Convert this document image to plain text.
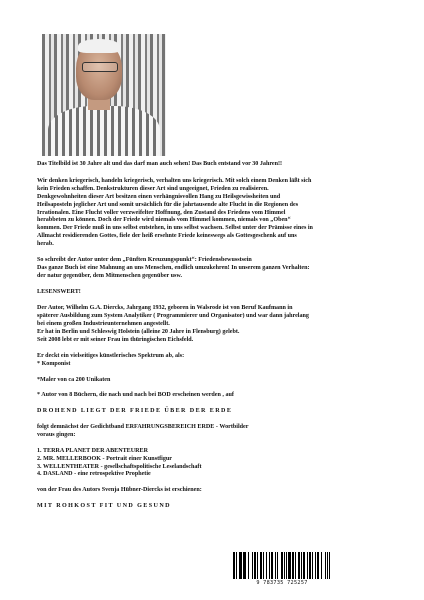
Das Titelbild ist 30 Jahre alt und das darf man auch sehen! Das Buch entstand vor 30 Jahren!!

Wir denken kriegerisch, handeln kriegerisch, verhalten uns kriegerisch. Mit solch einem Denken läßt sich

kein Frieden schaffen. Denkstrukturen dieser Art sind ungeeignet, Frieden zu realisieren.

Denkgewohnheiten dieser Art besitzen einen verhängnisvollen Hang zu Heilsgewissheiten und

Heilsaposteln jeglicher Art und somit ursächlich für die jahrtausende alte Flucht in die Regionen des

Irrationalen. Eine Flucht voller verzweifelter Hoffnung, den Zustand des Friedens vom Himmel

herabbeten zu können. Doch der Friede wird niemals vom Himmel kommen, niemals von „Oben“

kommen. Der Friede muß in uns selbst entstehen, in uns selbst wachsen. Selbst unter der Prämisse eines in

Allmacht residierenden Gottes, fiele der heiß ersehnte Friede keineswegs als Gottesgeschenk auf uns

herab.

So schreibt der Autor unter dem „Fünften Kreuzungspunkt“: Friedensbewusstsein

Das ganze Buch ist eine Mahnung an uns Menschen, endlich umzukehren! In unserem ganzen Verhalten:

der natur gegenüber, dem Mitmenschen gegenüber usw.

LESENSWERT!

Der Autor, Wilhelm G.A. Diercks, Jahrgang 1932, geboren in Walsrode ist von Beruf Kaufmann in

späterer Ausbildung zum System Analytiker ( Programmierer und Organisator) und war dann jahrelang

bei einem großen Industrieunternehmen angestellt.

Er hat in Berlin und Schleswig Holstein (alleine 20 Jahre in Flensburg) gelebt.

Seit 2008 lebt er mit seiner Frau im thüringischen Eichsfeld.

Er deckt ein vielseitiges künstlerisches Spektrum ab, als:

* Komponist

*Maler von ca 200 Unikaten

* Autor von 8 Büchern, die nach und nach bei BOD erscheinen werden , auf

DROHEND LIEGT DER FRIEDE ÜBER DER ERDE

folgt demnächst der Gedichtband ERFAHRUNGSBEREICH ERDE - Wortbilder

voraus gingen:

1. TERRA PLANET DER ABENTEURER

2. MR. MELLERBOOK - Portrait einer Kunstfigur

3. WELLENTHEATER - gesellschaftspolitische Leselandschaft

4. DASLAND - eine retrospektive Prophetie

von der Frau des Autors Svenja Hübner-Diercks ist erschienen:

MIT ROHKOST FIT UND GESUND

9 783735 725257
